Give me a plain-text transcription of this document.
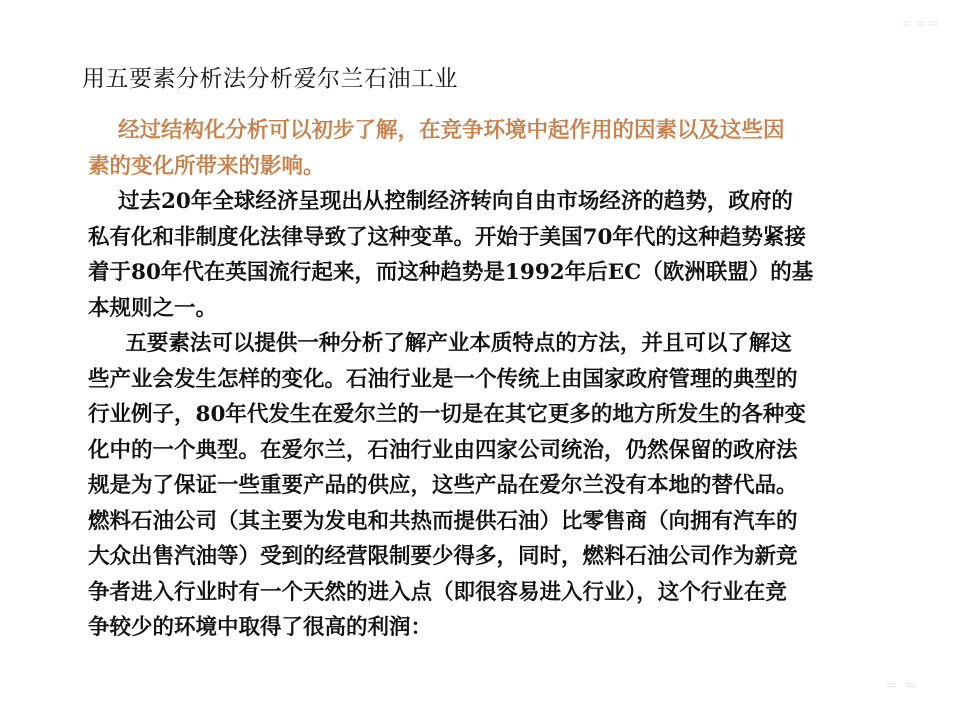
≈≈≈
用五要素分析法分析爱尔兰石油工业
经过结构化分析可以初步了解，在竞争环境中起作用的因素以及这些因
素的变化所带来的影响。
过去20年全球经济呈现出从控制经济转向自由市场经济的趋势，政府的
私有化和非制度化法律导致了这种变革。开始于美国70年代的这种趋势紧接
着于80年代在英国流行起来，而这种趋势是1992年后EC（欧洲联盟）的基
本规则之一。
五要素法可以提供一种分析了解产业本质特点的方法，并且可以了解这
些产业会发生怎样的变化。石油行业是一个传统上由国家政府管理的典型的
行业例子，80年代发生在爱尔兰的一切是在其它更多的地方所发生的各种变
化中的一个典型。在爱尔兰，石油行业由四家公司统治，仍然保留的政府法
规是为了保证一些重要产品的供应，这些产品在爱尔兰没有本地的替代品。
燃料石油公司（其主要为发电和共热而提供石油）比零售商（向拥有汽车的
大众出售汽油等）受到的经营限制要少得多，同时，燃料石油公司作为新竞
争者进入行业时有一个天然的进入点（即很容易进入行业），这个行业在竞
争较少的环境中取得了很高的利润：
≈ ≈
